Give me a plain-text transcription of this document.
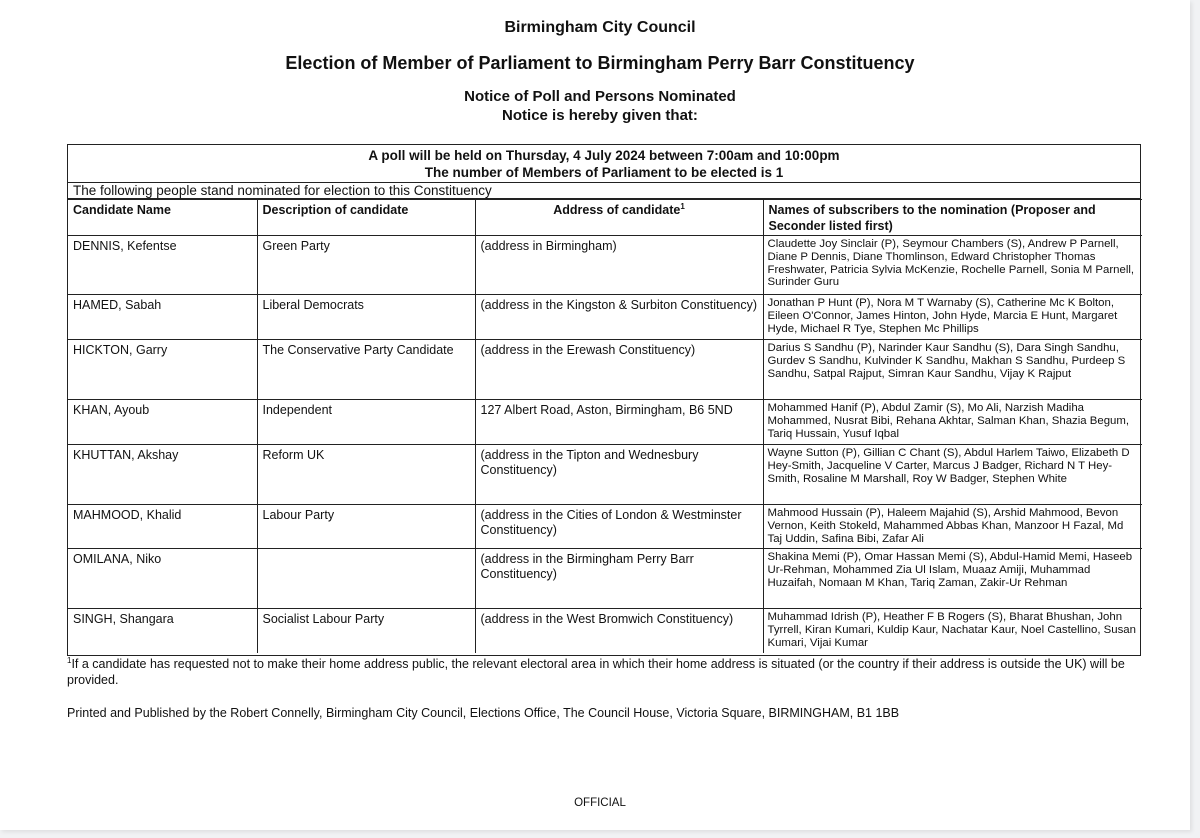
Birmingham City Council
Election of Member of Parliament to Birmingham Perry Barr Constituency
Notice of Poll and Persons Nominated
Notice is hereby given that:
A poll will be held on Thursday, 4 July 2024 between 7:00am and 10:00pm
The number of Members of Parliament to be elected is 1
The following people stand nominated for election to this Constituency
Candidate Name	Description of candidate	Address of candidate$^1$	Names of subscribers to the nomination (Proposer and Seconder listed first)
DENNIS, Kefentse	Green Party	(address in Birmingham)	Claudette Joy Sinclair (P), Seymour Chambers (S), Andrew P Parnell, Diane P Dennis, Diane Thomlinson, Edward Christopher Thomas Freshwater, Patricia Sylvia McKenzie, Rochelle Parnell, Sonia M Parnell, Surinder Guru
HAMED, Sabah	Liberal Democrats	(address in the Kingston & Surbiton Constituency)	Jonathan P Hunt (P), Nora M T Warnaby (S), Catherine Mc K Bolton, Eileen O'Connor, James Hinton, John Hyde, Marcia E Hunt, Margaret Hyde, Michael R Tye, Stephen Mc Phillips
HICKTON, Garry	The Conservative Party Candidate	(address in the Erewash Constituency)	Darius S Sandhu (P), Narinder Kaur Sandhu (S), Dara Singh Sandhu, Gurdev S Sandhu, Kulvinder K Sandhu, Makhan S Sandhu, Purdeep S Sandhu, Satpal Rajput, Simran Kaur Sandhu, Vijay K Rajput
KHAN, Ayoub	Independent	127 Albert Road, Aston, Birmingham, B6 5ND	Mohammed Hanif (P), Abdul Zamir (S), Mo Ali, Narzish Madiha Mohammed, Nusrat Bibi, Rehana Akhtar, Salman Khan, Shazia Begum, Tariq Hussain, Yusuf Iqbal
KHUTTAN, Akshay	Reform UK	(address in the Tipton and Wednesbury Constituency)	Wayne Sutton (P), Gillian C Chant (S), Abdul Harlem Taiwo, Elizabeth D Hey-Smith, Jacqueline V Carter, Marcus J Badger, Richard N T Hey-Smith, Rosaline M Marshall, Roy W Badger, Stephen White
MAHMOOD, Khalid	Labour Party	(address in the Cities of London & Westminster Constituency)	Mahmood Hussain (P), Haleem Majahid (S), Arshid Mahmood, Bevon Vernon, Keith Stokeld, Mahammed Abbas Khan, Manzoor H Fazal, Md Taj Uddin, Safina Bibi, Zafar Ali
OMILANA, Niko		(address in the Birmingham Perry Barr Constituency)	Shakina Memi (P), Omar Hassan Memi (S), Abdul-Hamid Memi, Haseeb Ur-Rehman, Mohammed Zia Ul Islam, Muaaz Amiji, Muhammad Huzaifah, Nomaan M Khan, Tariq Zaman, Zakir-Ur Rehman
SINGH, Shangara	Socialist Labour Party	(address in the West Bromwich Constituency)	Muhammad Idrish (P), Heather F B Rogers (S), Bharat Bhushan, John Tyrrell, Kiran Kumari, Kuldip Kaur, Nachatar Kaur, Noel Castellino, Susan Kumari, Vijai Kumar
$^1$If a candidate has requested not to make their home address public, the relevant electoral area in which their home address is situated (or the country if their address is outside the UK) will be provided.
Printed and Published by the Robert Connelly, Birmingham City Council, Elections Office, The Council House, Victoria Square, BIRMINGHAM, B1 1BB
OFFICIAL
